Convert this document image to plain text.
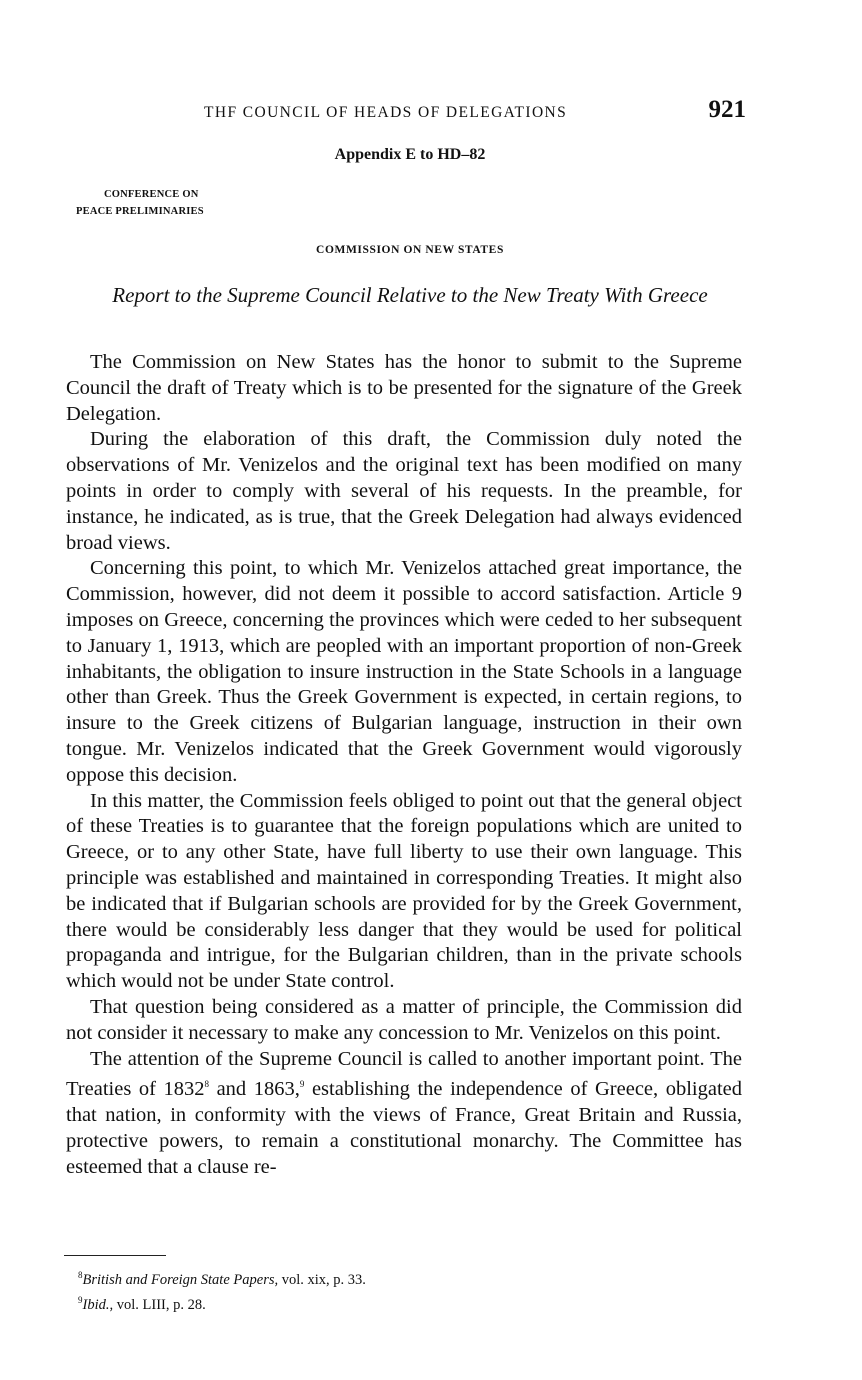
THF COUNCIL OF HEADS OF DELEGATIONS	921
Appendix E to HD–82
CONFERENCE ON
PEACE PRELIMINARIES
COMMISSION ON NEW STATES
Report to the Supreme Council Relative to the New Treaty With Greece

The Commission on New States has the honor to submit to the Supreme Council the draft of Treaty which is to be presented for the signature of the Greek Delegation.

During the elaboration of this draft, the Commission duly noted the observations of Mr. Venizelos and the original text has been modified on many points in order to comply with several of his requests. In the preamble, for instance, he indicated, as is true, that the Greek Delegation had always evidenced broad views.

Concerning this point, to which Mr. Venizelos attached great importance, the Commission, however, did not deem it possible to accord satisfaction. Article 9 imposes on Greece, concerning the provinces which were ceded to her subsequent to January 1, 1913, which are peopled with an important proportion of non-Greek inhabitants, the obligation to insure instruction in the State Schools in a language other than Greek. Thus the Greek Government is expected, in certain regions, to insure to the Greek citizens of Bulgarian language, instruction in their own tongue. Mr. Venizelos indicated that the Greek Government would vigorously oppose this decision.

In this matter, the Commission feels obliged to point out that the general object of these Treaties is to guarantee that the foreign populations which are united to Greece, or to any other State, have full liberty to use their own language. This principle was established and maintained in corresponding Treaties. It might also be indicated that if Bulgarian schools are provided for by the Greek Government, there would be considerably less danger that they would be used for political propaganda and intrigue, for the Bulgarian children, than in the private schools which would not be under State control.

That question being considered as a matter of principle, the Commission did not consider it necessary to make any concession to Mr. Venizelos on this point.

The attention of the Supreme Council is called to another important point. The Treaties of 1832$^8$ and 1863,$^9$ establishing the independence of Greece, obligated that nation, in conformity with the views of France, Great Britain and Russia, protective powers, to remain a constitutional monarchy. The Committee has esteemed that a clause re-

$^8$British and Foreign State Papers, vol. xix, p. 33.
$^9$Ibid., vol. LIII, p. 28.
